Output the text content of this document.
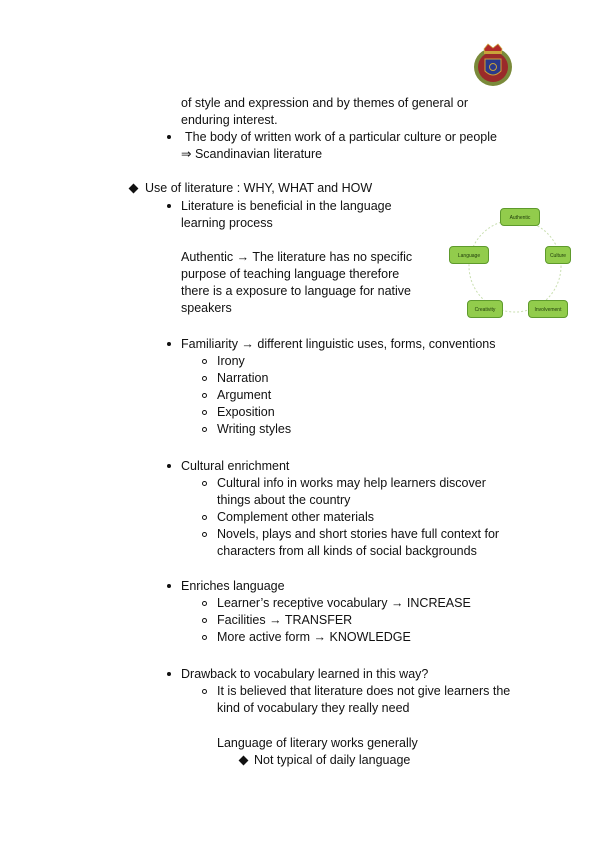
of style and expression and by themes of general or
enduring interest.
The body of written work of a particular culture or people
⇒ Scandinavian literature
Use of literature : WHY, WHAT and HOW
Literature is beneficial in the language
learning process
Authentic → The literature has no specific
purpose of teaching language therefore
there is a exposure to language for native
speakers
Authentic
Culture
Involvement
Creativity
Language
Familiarity → different linguistic uses, forms, conventions
Irony
Narration
Argument
Exposition
Writing styles
Cultural enrichment
Cultural info in works may help learners discover
things about the country
Complement other materials
Novels, plays and short stories have full context for
characters from all kinds of social backgrounds
Enriches language
Learner’s receptive vocabulary → INCREASE
Facilities → TRANSFER
More active form → KNOWLEDGE
Drawback to vocabulary learned in this way?
It is believed that literature does not give learners the
kind of vocabulary they really need
Language of literary works generally
Not typical of daily language
